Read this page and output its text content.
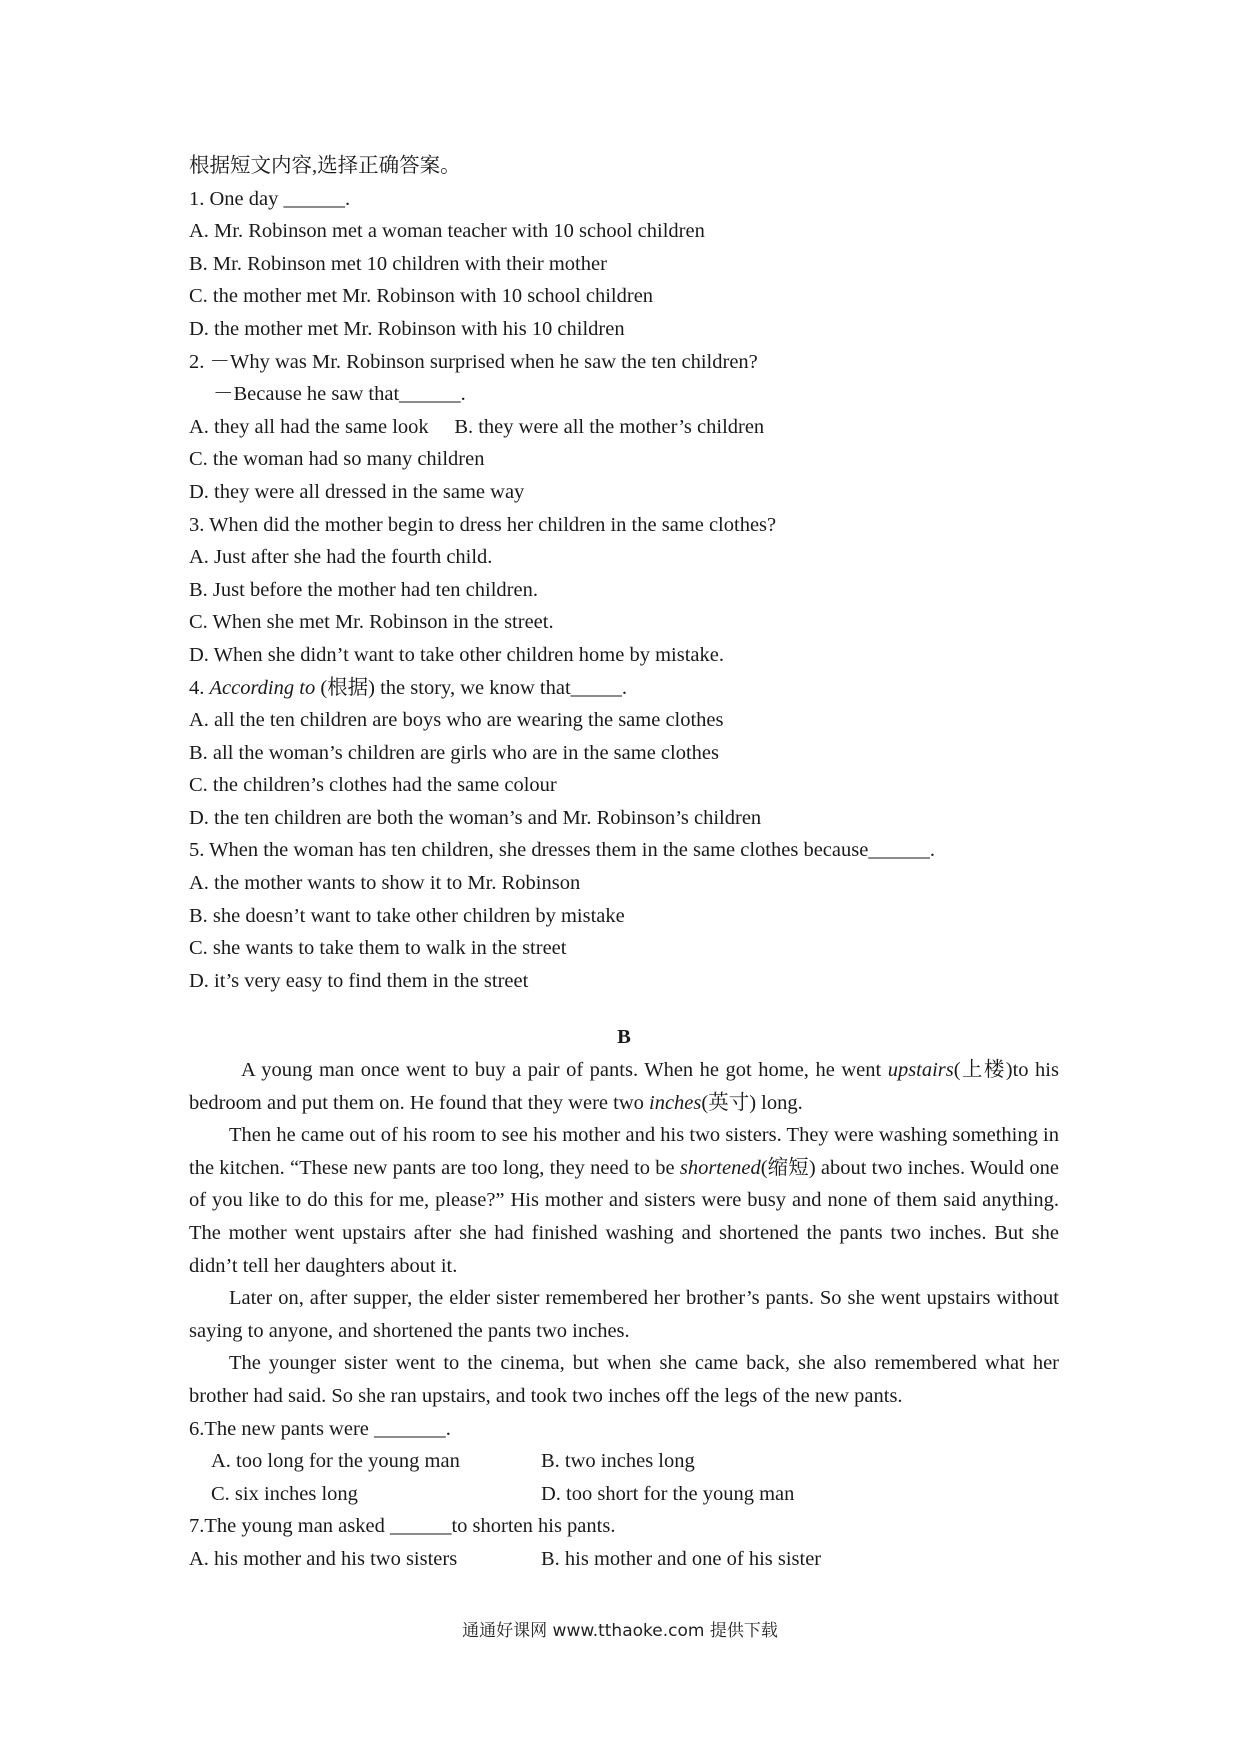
根据短文内容,选择正确答案。
1. One day ______.
A. Mr. Robinson met a woman teacher with 10 school children
B. Mr. Robinson met 10 children with their mother
C. the mother met Mr. Robinson with 10 school children
D. the mother met Mr. Robinson with his 10 children
2. －Why was Mr. Robinson surprised when he saw the ten children?
－Because he saw that______.
A. they all had the same look B. they were all the mother’s children
C. the woman had so many children
D. they were all dressed in the same way
3. When did the mother begin to dress her children in the same clothes?
A. Just after she had the fourth child.
B. Just before the mother had ten children.
C. When she met Mr. Robinson in the street.
D. When she didn’t want to take other children home by mistake.
4. According to (根据) the story, we know that_____.
A. all the ten children are boys who are wearing the same clothes
B. all the woman’s children are girls who are in the same clothes
C. the children’s clothes had the same colour
D. the ten children are both the woman’s and Mr. Robinson’s children
5. When the woman has ten children, she dresses them in the same clothes because______.
A. the mother wants to show it to Mr. Robinson
B. she doesn’t want to take other children by mistake
C. she wants to take them to walk in the street
D. it’s very easy to find them in the street
B
A young man once went to buy a pair of pants. When he got home, he went upstairs(上楼)to his bedroom and put them on. He found that they were two inches(英寸) long.
Then he came out of his room to see his mother and his two sisters. They were washing something in the kitchen. “These new pants are too long, they need to be shortened(缩短) about two inches. Would one of you like to do this for me, please?” His mother and sisters were busy and none of them said anything. The mother went upstairs after she had finished washing and shortened the pants two inches. But she didn’t tell her daughters about it.
Later on, after supper, the elder sister remembered her brother’s pants. So she went upstairs without saying to anyone, and shortened the pants two inches.
The younger sister went to the cinema, but when she came back, she also remembered what her brother had said. So she ran upstairs, and took two inches off the legs of the new pants.
6.The new pants were _______.
A. too long for the young man	B. two inches long
C. six inches long	D. too short for the young man
7.The young man asked ______to shorten his pants.
A. his mother and his two sisters	B. his mother and one of his sister
通通好课网 www.tthaoke.com 提供下载
